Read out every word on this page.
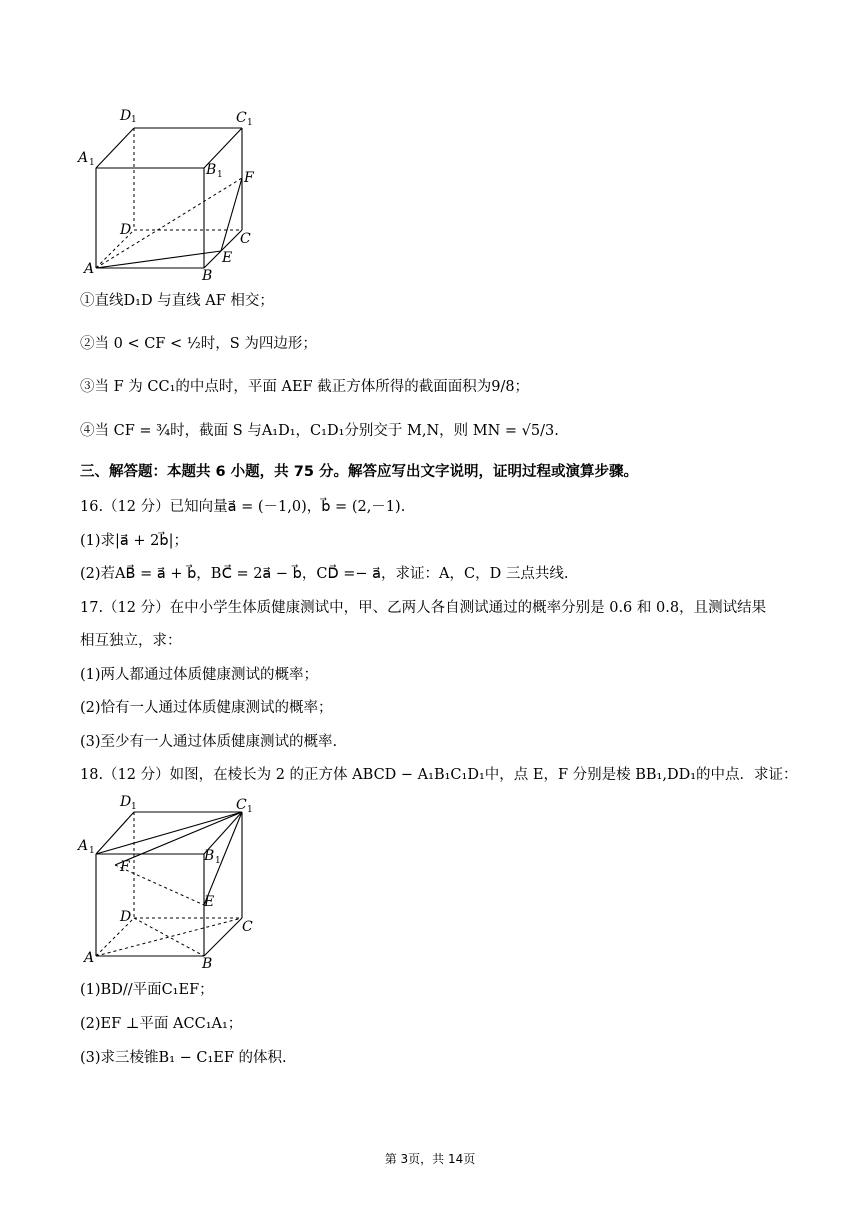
D 1	C 1
A 1	B 1 F
D
C
A
E
B
①直线D₁D 与直线 AF 相交；
②当 0 < CF < ½时，S 为四边形；
③当 F 为 CC₁的中点时，平面 AEF 截正方体所得的截面面积为9/8；
④当 CF = ¾时，截面 S 与A₁D₁，C₁D₁分别交于 M,N，则 MN = √5/3.
三、解答题：本题共 6 小题，共 75 分。解答应写出文字说明，证明过程或演算步骤。
16.（12 分）已知向量a⃗ = (－1,0)，b⃗ = (2,－1).
(1)求|a⃗ + 2b⃗|；
(2)若AB⃗ = a⃗ + b⃗，BC⃗ = 2a⃗ − b⃗，CD⃗ =− a⃗，求证：A，C，D 三点共线.
17.（12 分）在中小学生体质健康测试中，甲、乙两人各自测试通过的概率分别是 0.6 和 0.8，且测试结果
相互独立，求：
(1)两人都通过体质健康测试的概率；
(2)恰有一人通过体质健康测试的概率；
(3)至少有一人通过体质健康测试的概率.
18.（12 分）如图，在棱长为 2 的正方体 ABCD − A₁B₁C₁D₁中，点 E，F 分别是棱 BB₁,DD₁的中点．求证：
D 1	C 1
A 1
F
B 1
E
D
C
A	B
(1)BD//平面C₁EF；
(2)EF ⊥平面 ACC₁A₁；
(3)求三棱锥B₁ − C₁EF 的体积.
第 3页，共 14页
